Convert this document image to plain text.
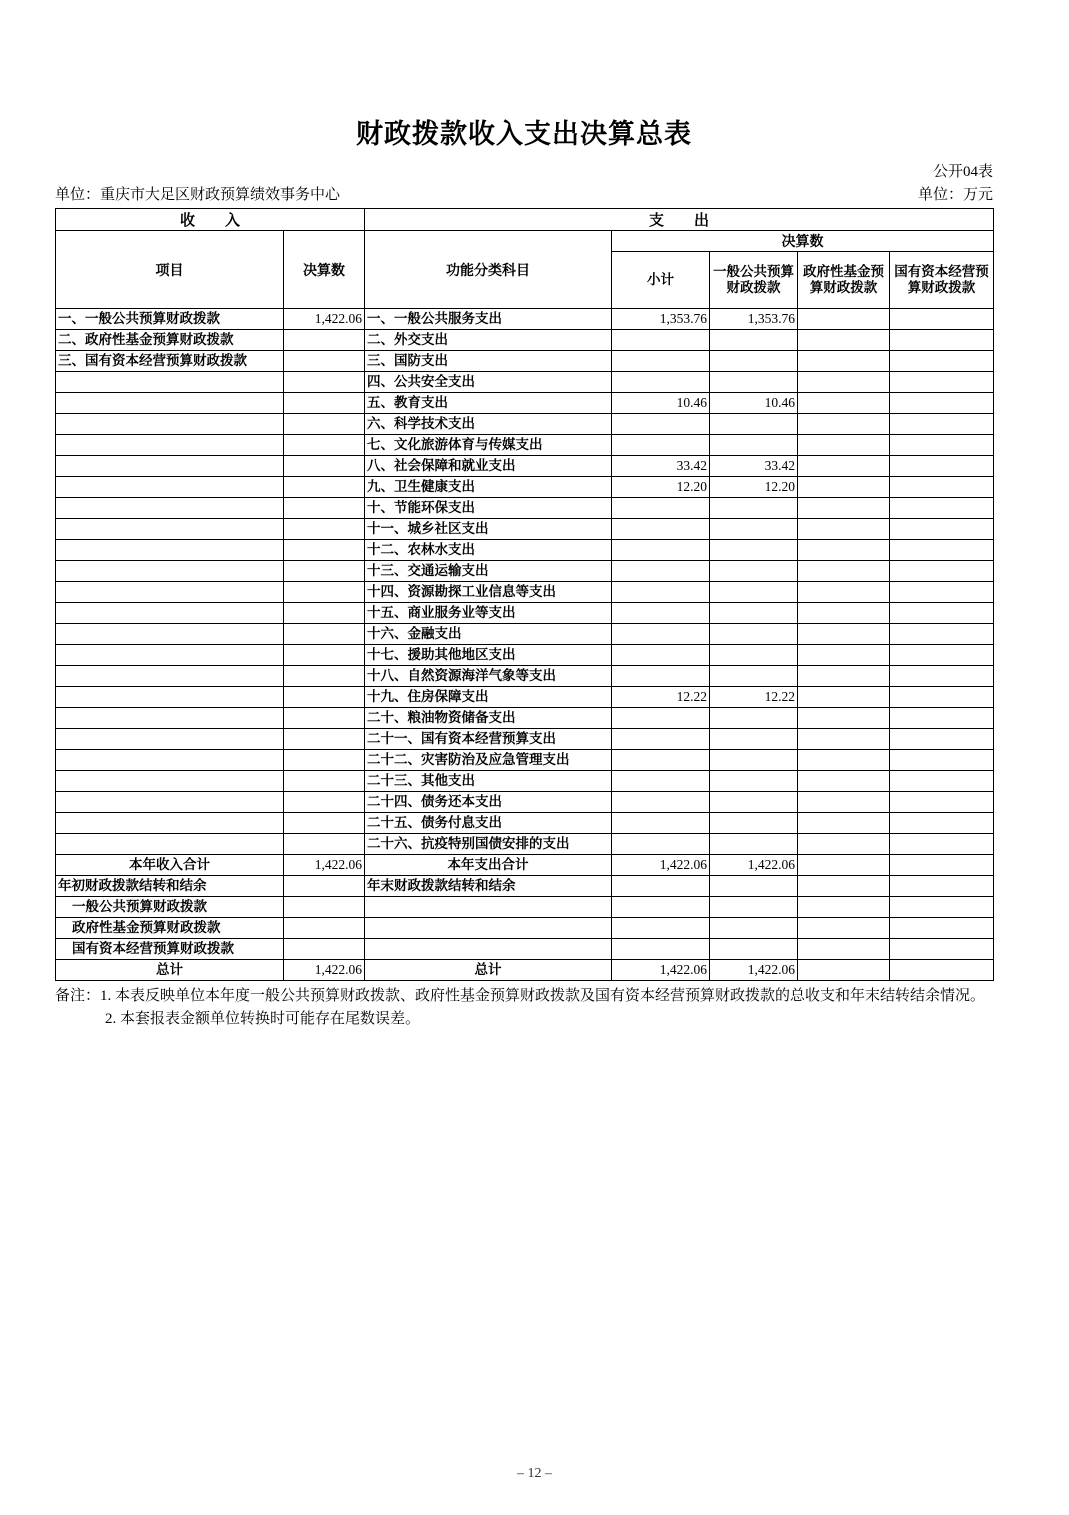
财政拨款收入支出决算总表
公开04表
单位：重庆市大足区财政预算绩效事务中心	单位：万元
收　　入		支　　出				
项目	决算数	功能分类科目	决算数			
			小计	一般公共预算财政拨款	政府性基金预算财政拨款	国有资本经营预算财政拨款
一、一般公共预算财政拨款	1,422.06	一、一般公共服务支出	1,353.76	1,353.76		
二、政府性基金预算财政拨款		二、外交支出				
三、国有资本经营预算财政拨款		三、国防支出				
		四、公共安全支出				
		五、教育支出	10.46	10.46		
		六、科学技术支出				
		七、文化旅游体育与传媒支出				
		八、社会保障和就业支出	33.42	33.42		
		九、卫生健康支出	12.20	12.20		
		十、节能环保支出				
		十一、城乡社区支出				
		十二、农林水支出				
		十三、交通运输支出				
		十四、资源勘探工业信息等支出				
		十五、商业服务业等支出				
		十六、金融支出				
		十七、援助其他地区支出				
		十八、自然资源海洋气象等支出				
		十九、住房保障支出	12.22	12.22		
		二十、粮油物资储备支出				
		二十一、国有资本经营预算支出				
		二十二、灾害防治及应急管理支出				
		二十三、其他支出				
		二十四、债务还本支出				
		二十五、债务付息支出				
		二十六、抗疫特别国债安排的支出				
本年收入合计	1,422.06	本年支出合计	1,422.06	1,422.06		
年初财政拨款结转和结余		年末财政拨款结转和结余				
一般公共预算财政拨款						
政府性基金预算财政拨款						
国有资本经营预算财政拨款						
总计	1,422.06	总计	1,422.06	1,422.06		

备注：1. 本表反映单位本年度一般公共预算财政拨款、政府性基金预算财政拨款及国有资本经营预算财政拨款的总收支和年末结转结余情况。

2. 本套报表金额单位转换时可能存在尾数误差。

– 12 –
